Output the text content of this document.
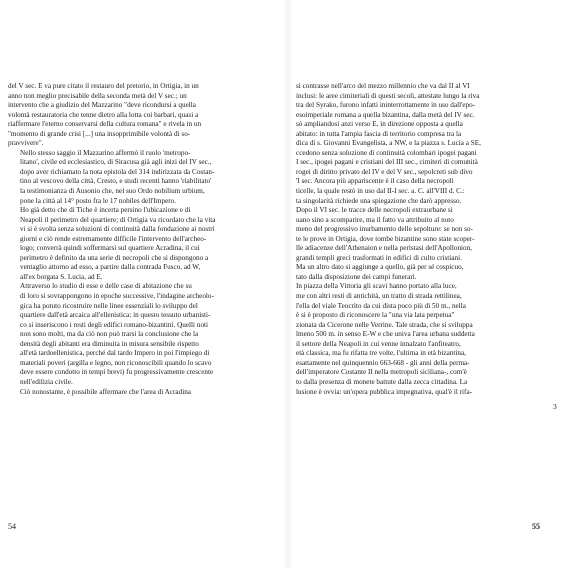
del V sec. E va pure citato il restauro del pretorio, in Ortigia, in un
anno non meglio precisabile della seconda metà del V sec.; un
intervento che a giudizio del Mazzarino "deve ricondursi a quella
volontà restauratoria che tenne dietro alla lotta coi barbari, quasi a
riaffermare l'eterno conservarsi della cultura romana" e rivela in un
"momento di grande crisi [...] una insopprimibile volontà di so-
pravvivere".

Nello stesso saggio il Mazzarino affermò il ruolo 'metropo-
litano', civile ed ecclesiastico, di Siracusa già agli inizi del IV sec.,
dopo aver richiamato la nota epistola del 314 indirizzata da Costan-
tino al vescovo della città, Cresto, e studi recenti hanno 'riabilitato'
la testimonianza di Ausonio che, nel suo Ordo nobilium urbium,
pone la città al 14° posto fra le 17 nobiles dell'Impero.

Ho già detto che di Tiche è incerta persino l'ubicazione e di
Neapoli il perimetro del quartiere; di Ortigia va ricordato che la vita
vi si è svolta senza soluzioni di continuità dalla fondazione ai nostri
giorni e ciò rende estremamente difficile l'intervento dell'archeo-
logo; converrà quindi soffermarsi sul quartiere Acradina, il cui
perimetro è definito da una serie di necropoli che si dispongono a
ventaglio attorno ad esso, a partire dalla contrada Fusco, ad W,
all'ex borgata S. Lucia, ad E.

Attraverso lo studio di esse e delle case di abitazione che su
di loro si sovrappongono in epoche successive, l'indagine archeolo-
gica ha potuto ricostruire nelle linee essenziali lo sviluppo del
quartiere dall'età arcaica all'ellenistica: in questo tessuto urbanisti-
co si inseriscono i resti degli edifici romano-bizantini. Quelli noti
non sono molti, ma da ciò non può trarsi la conclusione che la
densità degli abitanti era diminuita in misura sensibile rispetto
all'età tardoellenistica, perché dal tardo Impero in poi l'impiego di
materiali poveri (argilla e legno, non riconoscibili quando lo scavo
deve essere condotto in tempi brevi) fu progressivamente crescente
nell'edilizia civile.

Ciò nonostante, è possibile affermare che l'area di Acradina

si contrasse nell'arco del mezzo millennio che va dal II al VI
inclusi: le aree cimiteriali di questi secoli, attestate lungo la riva
tra del Syrako, furono infatti ininterrottamente in uso dall'epo-
esoimperiale romana a quella bizantina, dalla metà del IV sec.
sò ampliandosi anzi verso E, in direzione opposta a quella
abitato: in tutta l'ampia fascia di territorio compresa tra la
dica di s. Giovanni Evangelista, a NW, e la piazza s. Lucia a SE,
ccedono senza soluzione di continuità colombari ipogei pagani
I sec., ipogei pagani e cristiani del III sec., cimiteri di comunità
rogei di diritto privato del IV e del V sec., sepolcreti sub divo
'I sec. Ancora più appariscente è il caso della necropoli
ticelle, la quale restò in uso dal II-I sec. a. C. all'VIII d. C.:
ta singolarità richiede una spiegazione che darò appresso.

Dopo il VI sec. le tracce delle necropoli extraurbane si
uano sino a scomparire, ma il fatto va attribuito al noto
meno del progressivo inurbamento delle sepolture: se non so-
te le prove in Ortigia, dove tombe bizantine sono state scoper-
lle adiacenze dell'Athenaion e nella peristasi dell'Apollonion,
grandi templi greci trasformati in edifici di culto cristiani.

Ma un altro dato si aggiunge a quello, già per sé cospicuo,
tato dalla disposizione dei campi funerari.

In piazza della Vittoria gli scavi hanno portato alla luce,
me con altri resti di antichità, un tratto di strada rettilinea,
l'ella del viale Teocrito da cui dista poco più di 50 m., nella
è si è proposto di riconoscere la "una via lata perpetua"
zionata da Cicerone nelle Verrine. Tale strada, che si sviluppa
lmeno 500 m. in senso E-W e che univa l'area urbana suddetta
il settore della Neapoli in cui venne innalzato l'anfiteatro,
età classica, ma fu rifatta tre volte, l'ultima in età bizantina,
esattamente nel quinquennio 663-668 - gli anni della perma-
dell'imperatore Costante II nella metropoli siciliana-, com'è
to dalla presenza di monete battute dalla zecca cittadina. La
lusione è ovvia: un'opera pubblica impegnativa, qual'è il rifa-

3
54	55
